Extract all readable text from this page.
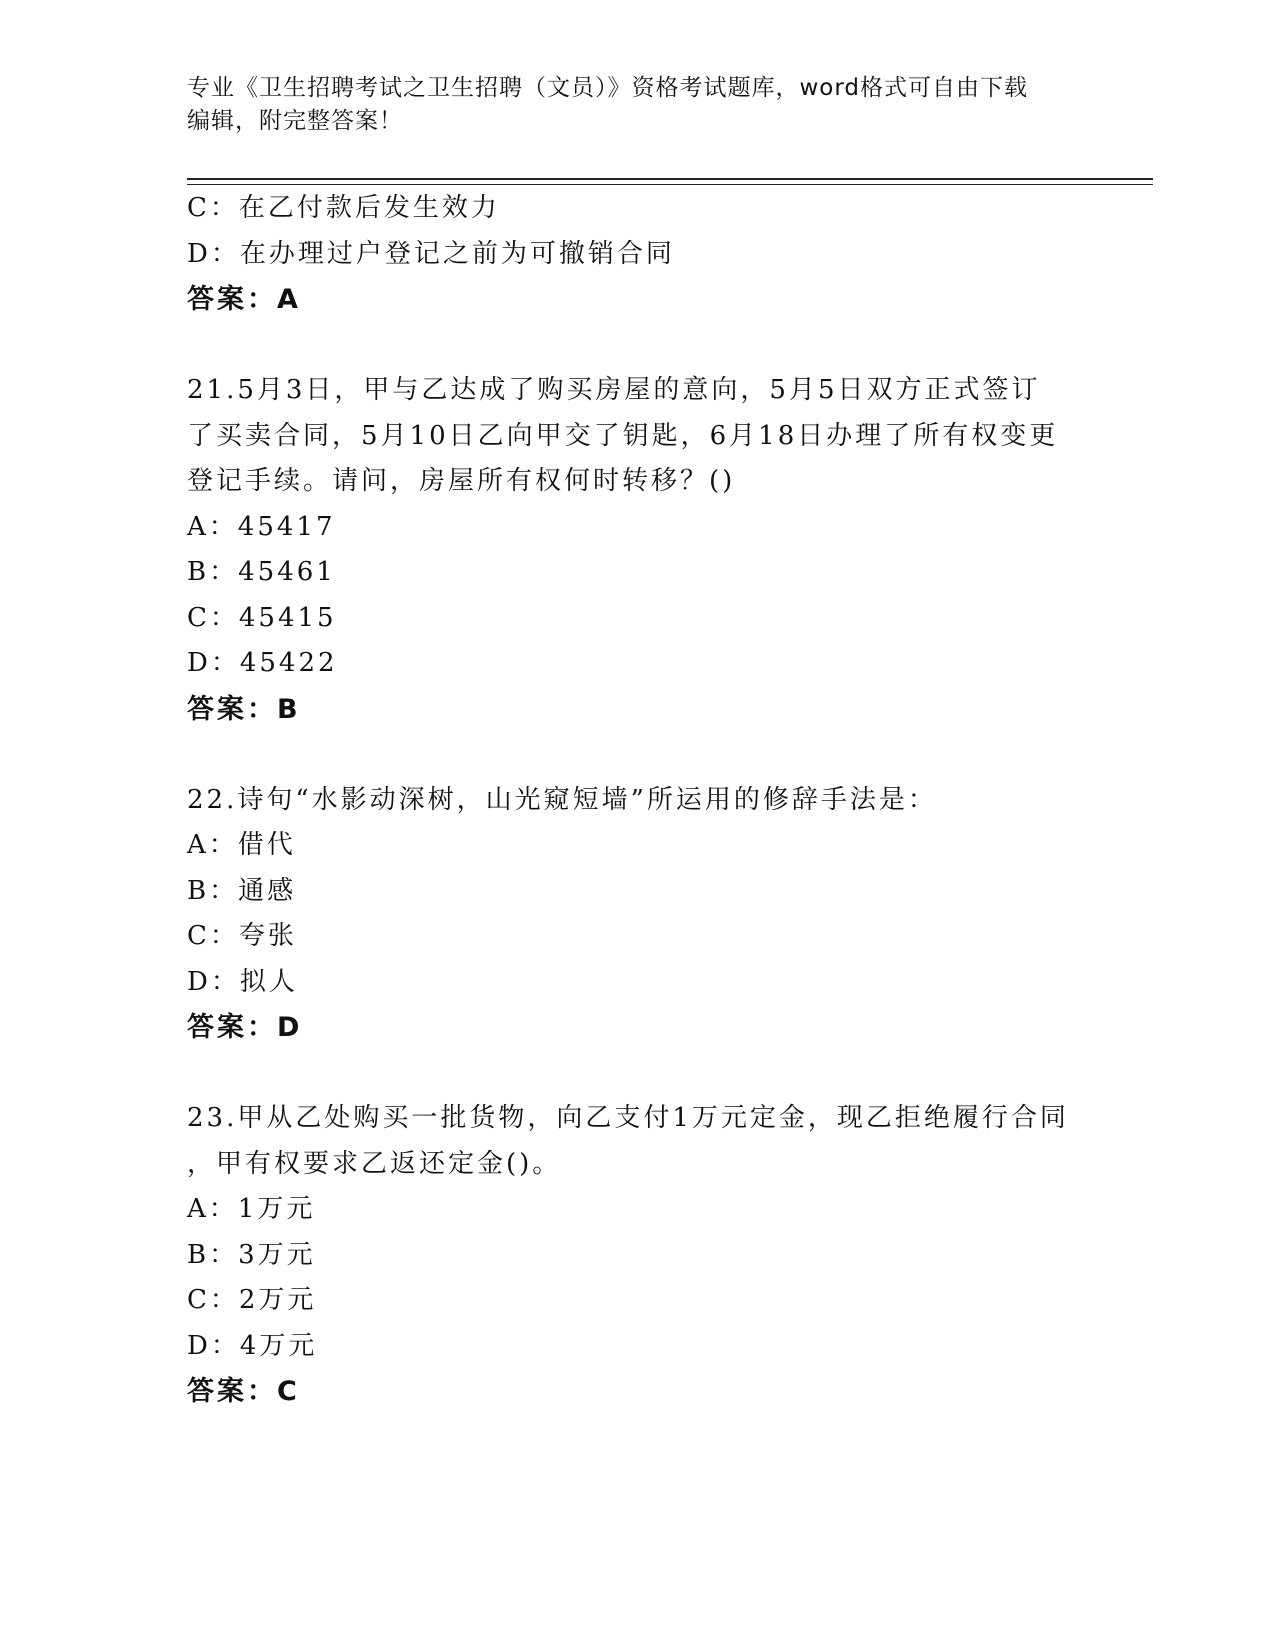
专业《卫生招聘考试之卫生招聘（文员）》资格考试题库，word格式可自由下载
编辑，附完整答案！
C：在乙付款后发生效力
D：在办理过户登记之前为可撤销合同
答案：A
21.5月3日，甲与乙达成了购买房屋的意向，5月5日双方正式签订
了买卖合同，5月10日乙向甲交了钥匙，6月18日办理了所有权变更
登记手续。请问，房屋所有权何时转移？()
A：45417
B：45461
C：45415
D：45422
答案：B
22.诗句“水影动深树，山光窥短墙”所运用的修辞手法是：
A：借代
B：通感
C：夸张
D：拟人
答案：D
23.甲从乙处购买一批货物，向乙支付1万元定金，现乙拒绝履行合同
，甲有权要求乙返还定金()。
A：1万元
B：3万元
C：2万元
D：4万元
答案：C
